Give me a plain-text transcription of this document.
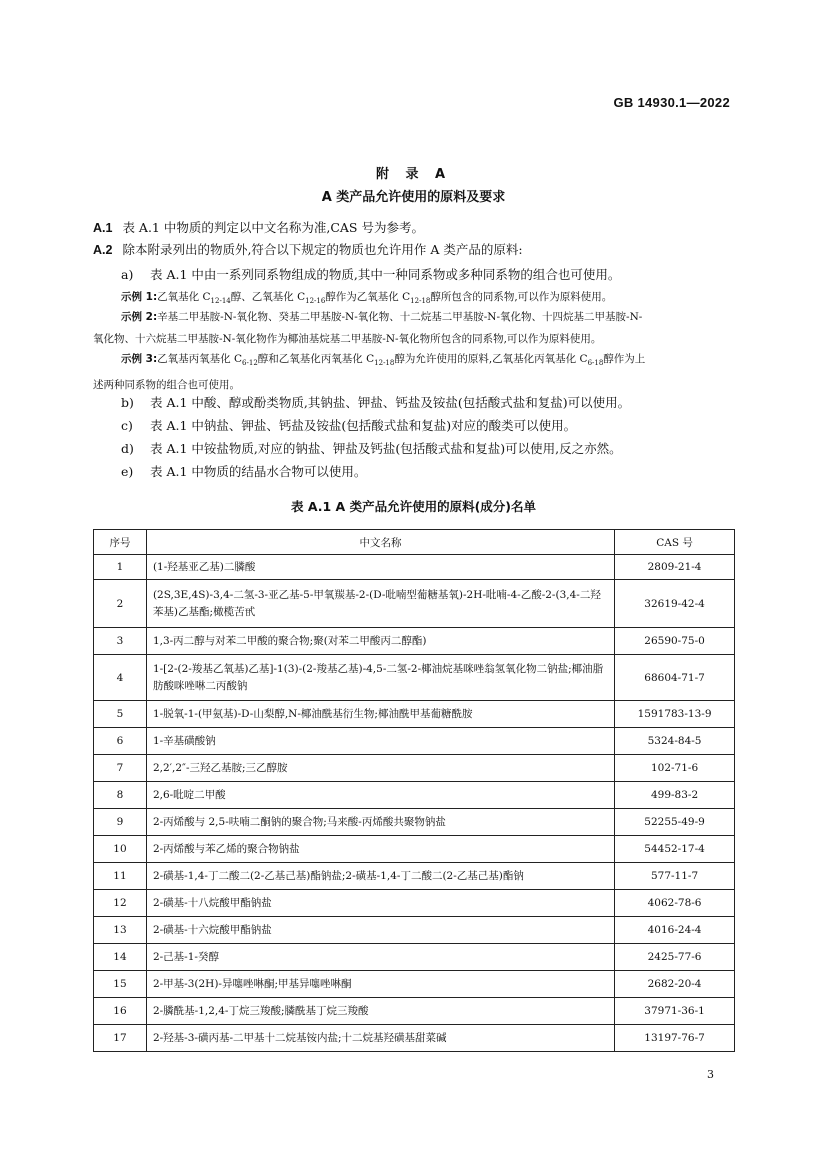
GB 14930.1—2022
附 录 A
A 类产品允许使用的原料及要求
A.1 表 A.1 中物质的判定以中文名称为准,CAS 号为参考。
A.2 除本附录列出的物质外,符合以下规定的物质也允许用作 A 类产品的原料:
a) 表 A.1 中由一系列同系物组成的物质,其中一种同系物或多种同系物的组合也可使用。
示例 1:乙氧基化 $C_{12-14}$醇、乙氧基化 $C_{12-16}$醇作为乙氧基化 $C_{12-18}$醇所包含的同系物,可以作为原料使用。
示例 2:辛基二甲基胺-N-氧化物、癸基二甲基胺-N-氧化物、十二烷基二甲基胺-N-氧化物、十四烷基二甲基胺-N-
氧化物、十六烷基二甲基胺-N-氧化物作为椰油基烷基二甲基胺-N-氧化物所包含的同系物,可以作为原料使用。
示例 3:乙氧基丙氧基化 $C_{6-12}$醇和乙氧基化丙氧基化 $C_{12-18}$醇为允许使用的原料,乙氧基化丙氧基化 $C_{6-18}$醇作为上
述两种同系物的组合也可使用。
b) 表 A.1 中酸、醇或酚类物质,其钠盐、钾盐、钙盐及铵盐(包括酸式盐和复盐)可以使用。
c) 表 A.1 中钠盐、钾盐、钙盐及铵盐(包括酸式盐和复盐)对应的酸类可以使用。
d) 表 A.1 中铵盐物质,对应的钠盐、钾盐及钙盐(包括酸式盐和复盐)可以使用,反之亦然。
e) 表 A.1 中物质的结晶水合物可以使用。
表 A.1 A 类产品允许使用的原料(成分)名单
序号	中文名称	CAS 号
1	(1-羟基亚乙基)二膦酸	2809-21-4
2	(2S,3E,4S)-3,4-二氢-3-亚乙基-5-甲氧羰基-2-(D-吡喃型葡糖基氧)-2H-吡喃-4-乙酸-2-(3,4-二羟苯基)乙基酯;橄榄苦甙	32619-42-4
3	1,3-丙二醇与对苯二甲酸的聚合物;聚(对苯二甲酸丙二醇酯)	26590-75-0
4	1-[2-(2-羧基乙氧基)乙基]-1(3)-(2-羧基乙基)-4,5-二氢-2-椰油烷基咪唑翁氢氧化物二钠盐;椰油脂肪酸咪唑啉二丙酸钠	68604-71-7
5	1-脱氧-1-(甲氨基)-D-山梨醇,N-椰油酰基衍生物;椰油酰甲基葡糖酰胺	1591783-13-9
6	1-辛基磺酸钠	5324-84-5
7	2,2′,2″-三羟乙基胺;三乙醇胺	102-71-6
8	2,6-吡啶二甲酸	499-83-2
9	2-丙烯酸与 2,5-呋喃二酮钠的聚合物;马来酸-丙烯酸共聚物钠盐	52255-49-9
10	2-丙烯酸与苯乙烯的聚合物钠盐	54452-17-4
11	2-磺基-1,4-丁二酸二(2-乙基己基)酯钠盐;2-磺基-1,4-丁二酸二(2-乙基己基)酯钠	577-11-7
12	2-磺基-十八烷酸甲酯钠盐	4062-78-6
13	2-磺基-十六烷酸甲酯钠盐	4016-24-4
14	2-己基-1-癸醇	2425-77-6
15	2-甲基-3(2H)-异噻唑啉酮;甲基异噻唑啉酮	2682-20-4
16	2-膦酰基-1,2,4-丁烷三羧酸;膦酰基丁烷三羧酸	37971-36-1
17	2-羟基-3-磺丙基-二甲基十二烷基铵内盐;十二烷基羟磺基甜菜碱	13197-76-7
3
